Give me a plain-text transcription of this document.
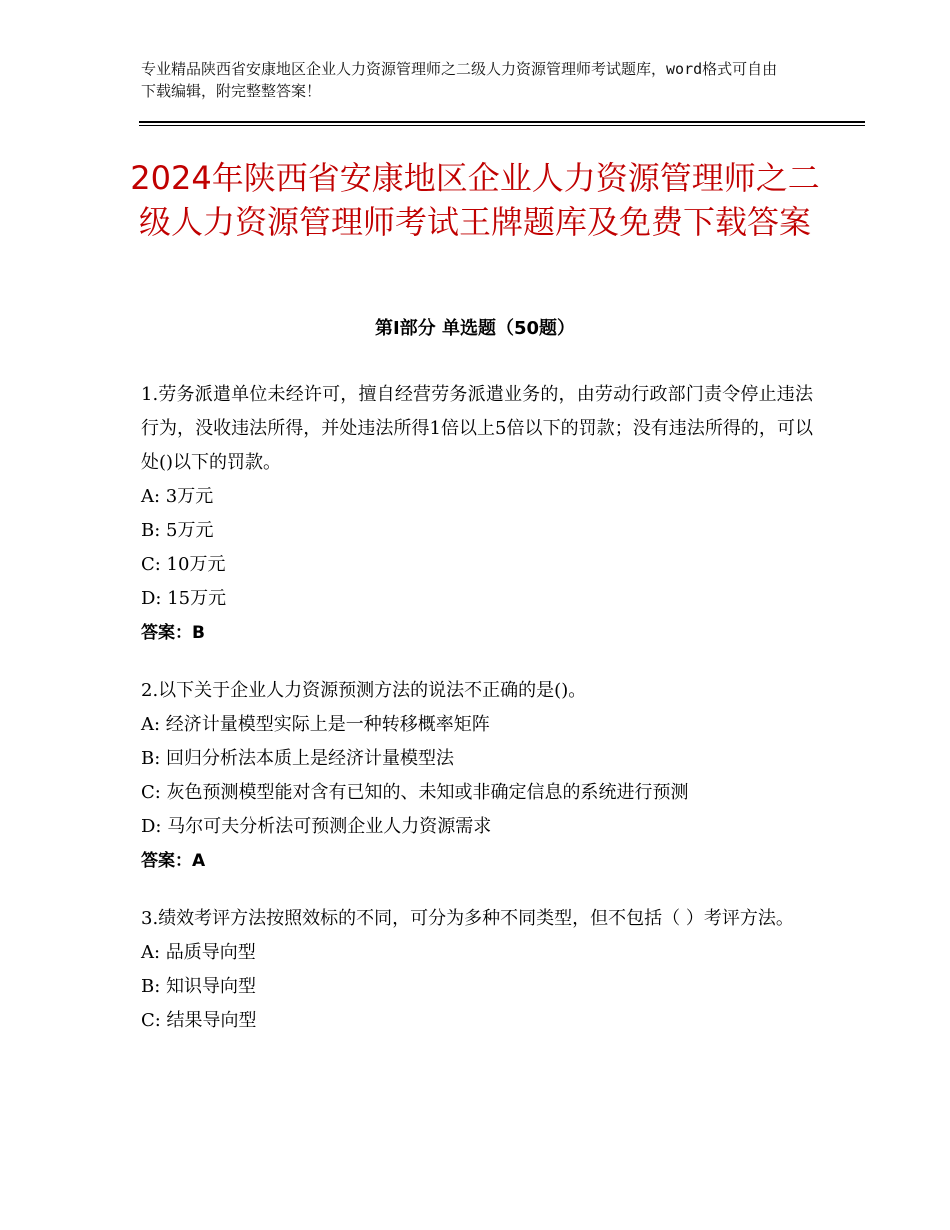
专业精品陕西省安康地区企业人力资源管理师之二级人力资源管理师考试题库，word格式可自由下载编辑，附完整整答案！
2024年陕西省安康地区企业人力资源管理师之二级人力资源管理师考试王牌题库及免费下载答案
第Ⅰ部分 单选题（50题）

1.劳务派遣单位未经许可，擅自经营劳务派遣业务的，由劳动行政部门责令停止违法行为，没收违法所得，并处违法所得1倍以上5倍以下的罚款；没有违法所得的，可以处()以下的罚款。

A: 3万元

B: 5万元

C: 10万元

D: 15万元

答案：B

2.以下关于企业人力资源预测方法的说法不正确的是()。

A: 经济计量模型实际上是一种转移概率矩阵

B: 回归分析法本质上是经济计量模型法

C: 灰色预测模型能对含有已知的、未知或非确定信息的系统进行预测

D: 马尔可夫分析法可预测企业人力资源需求

答案：A

3.绩效考评方法按照效标的不同，可分为多种不同类型，但不包括（ ）考评方法。

A: 品质导向型

B: 知识导向型

C: 结果导向型
